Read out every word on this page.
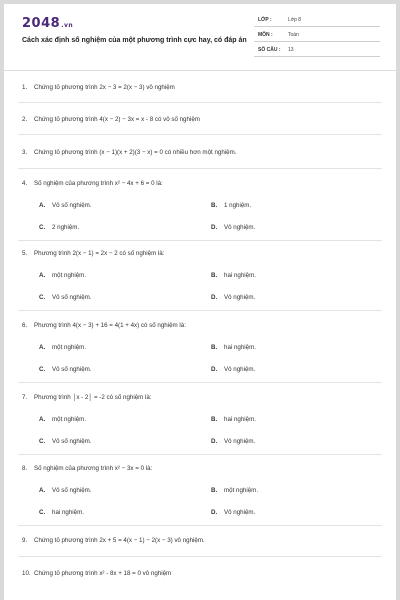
2048.vn
Cách xác định số nghiệm của một phương trình cực hay, có đáp án
LỚP :	Lớp 8
MÔN :	Toán
SỐ CÂU : 13
1. Chứng tỏ phương trình 2x − 3 = 2(x − 3) vô nghiệm
2. Chứng tỏ phương trình 4(x − 2) − 3x = x - 8 có vô số nghiệm
3. Chứng tỏ phương trình (x − 1)(x + 2)(3 − x) = 0 có nhiều hơn một nghiệm.
4. Số nghiệm của phương trình x² − 4x + 6 = 0 là:
A. Vô số nghiệm.	B. 1 nghiệm.
C. 2 nghiệm.	D. Vô nghiệm.
5. Phương trình 2(x − 1) = 2x − 2 có số nghiệm là:
A. một nghiệm.	B. hai nghiệm.
C. Vô số nghiệm.	D. Vô nghiệm.
6. Phương trình 4(x − 3) + 16 = 4(1 + 4x) có số nghiệm là:
A. một nghiệm.	B. hai nghiệm.
C. Vô số nghiệm.	D. Vô nghiệm.
7. Phương trình │x - 2│ = -2 có số nghiệm là:
A. một nghiệm.	B. hai nghiệm.
C. Vô số nghiệm.	D. Vô nghiệm.
8. Số nghiệm của phương trình x² − 3x = 0 là:
A. Vô số nghiệm.	B. một nghiệm.
C. hai nghiệm.	D. Vô nghiệm.
9. Chứng tỏ phương trình 2x + 5 = 4(x − 1) − 2(x − 3) vô nghiệm.
10. Chứng tỏ phương trình x² - 8x + 18 = 0 vô nghiệm
